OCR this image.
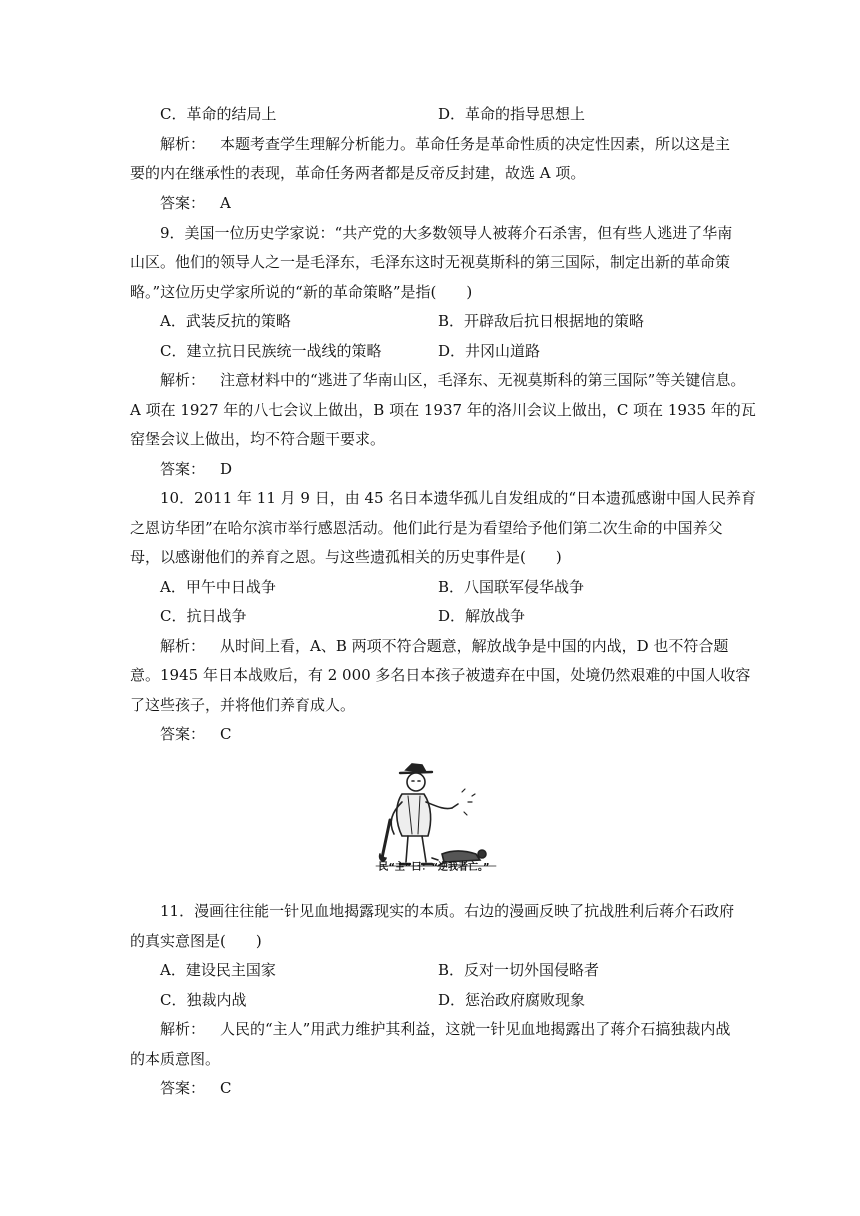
C．革命的结局上	D．革命的指导思想上
解析： 本题考查学生理解分析能力。革命任务是革命性质的决定性因素，所以这是主
要的内在继承性的表现，革命任务两者都是反帝反封建，故选 A 项。
答案： A
9．美国一位历史学家说：“共产党的大多数领导人被蒋介石杀害，但有些人逃进了华南
山区。他们的领导人之一是毛泽东，毛泽东这时无视莫斯科的第三国际，制定出新的革命策
略。”这位历史学家所说的“新的革命策略”是指(　　)
A．武装反抗的策略	B．开辟敌后抗日根据地的策略
C．建立抗日民族统一战线的策略	D．井冈山道路
解析： 注意材料中的“逃进了华南山区，毛泽东、无视莫斯科的第三国际”等关键信息。
A 项在 1927 年的八七会议上做出，B 项在 1937 年的洛川会议上做出，C 项在 1935 年的瓦
窑堡会议上做出，均不符合题干要求。
答案： D
10．2011 年 11 月 9 日，由 45 名日本遗华孤儿自发组成的“日本遗孤感谢中国人民养育
之恩访华团”在哈尔滨市举行感恩活动。他们此行是为看望给予他们第二次生命的中国养父
母，以感谢他们的养育之恩。与这些遗孤相关的历史事件是(　　)
A．甲午中日战争	B．八国联军侵华战争
C．抗日战争	D．解放战争
解析： 从时间上看，A、B 两项不符合题意，解放战争是中国的内战，D 也不符合题
意。1945 年日本战败后，有 2 000 多名日本孩子被遗弃在中国，处境仍然艰难的中国人收容
了这些孩子，并将他们养育成人。
答案： C
民“主”曰：“逆我者亡。”
11．漫画往往能一针见血地揭露现实的本质。右边的漫画反映了抗战胜利后蒋介石政府
的真实意图是(　　)
A．建设民主国家	B．反对一切外国侵略者
C．独裁内战	D．惩治政府腐败现象
解析： 人民的“主人”用武力维护其利益，这就一针见血地揭露出了蒋介石搞独裁内战
的本质意图。
答案： C
